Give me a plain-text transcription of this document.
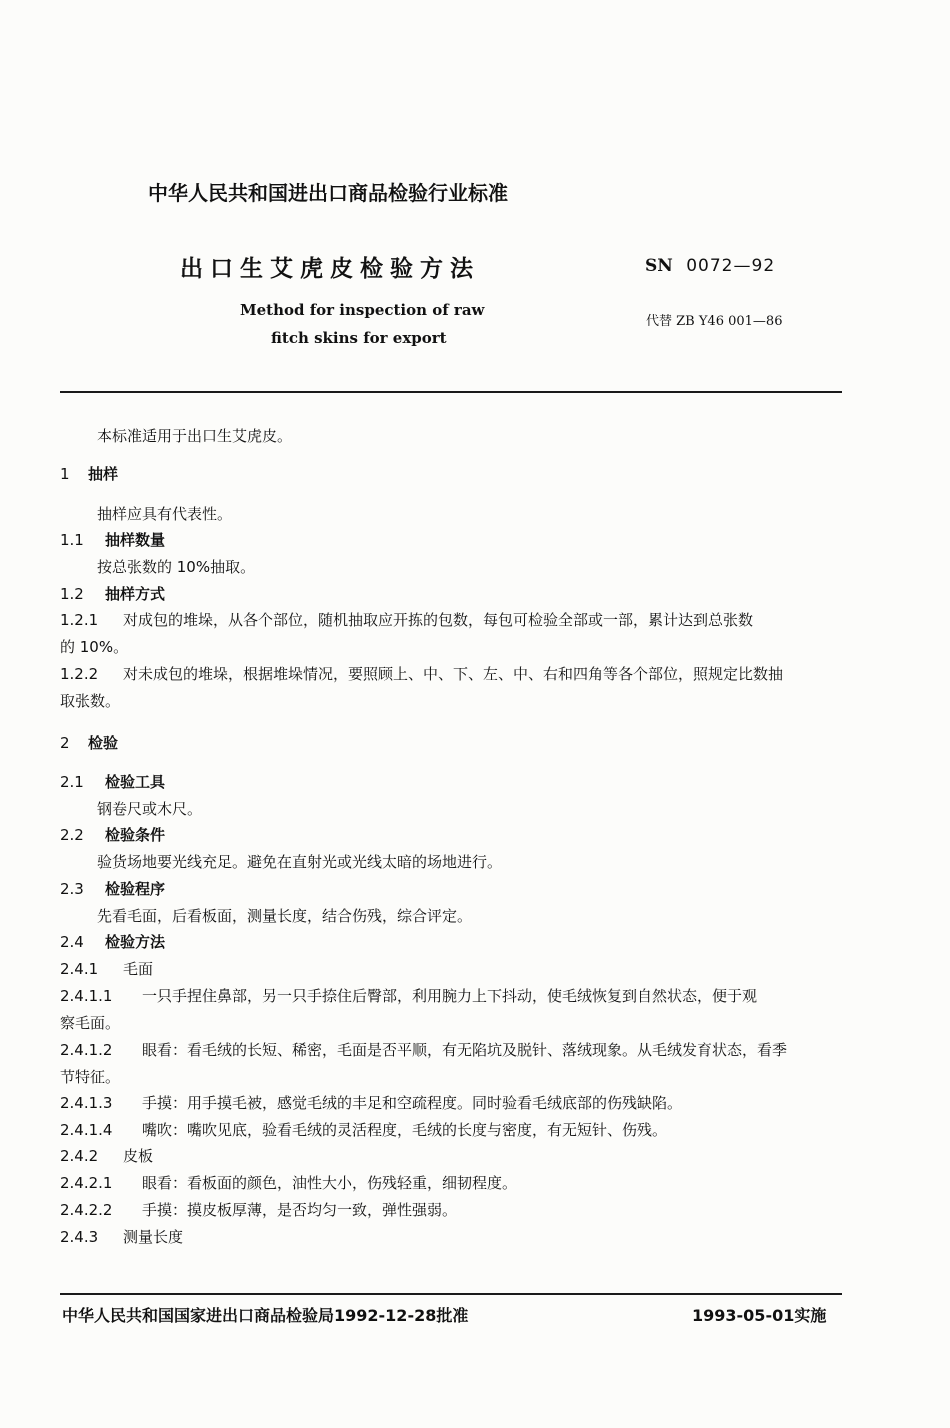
中华人民共和国进出口商品检验行业标准
出口生艾虎皮检验方法	SN 0072—92
Method for inspection of raw
fitch skins for export
代替 ZB Y46 001—86
本标准适用于出口生艾虎皮。
1 抽样
抽样应具有代表性。
1.1 抽样数量
按总张数的 10%抽取。
1.2 抽样方式
1.2.1 对成包的堆垛，从各个部位，随机抽取应开拣的包数，每包可检验全部或一部，累计达到总张数
的 10%。
1.2.2 对未成包的堆垛，根据堆垛情况，要照顾上、中、下、左、中、右和四角等各个部位，照规定比数抽
取张数。
2 检验
2.1 检验工具
钢卷尺或木尺。
2.2 检验条件
验货场地要光线充足。避免在直射光或光线太暗的场地进行。
2.3 检验程序
先看毛面，后看板面，测量长度，结合伤残，综合评定。
2.4 检验方法
2.4.1 毛面
2.4.1.1 一只手捏住鼻部，另一只手捺住后臀部，利用腕力上下抖动，使毛绒恢复到自然状态，便于观
察毛面。
2.4.1.2 眼看：看毛绒的长短、稀密，毛面是否平顺，有无陷坑及脱针、落绒现象。从毛绒发育状态，看季
节特征。
2.4.1.3 手摸：用手摸毛被，感觉毛绒的丰足和空疏程度。同时验看毛绒底部的伤残缺陷。
2.4.1.4 嘴吹：嘴吹见底，验看毛绒的灵活程度，毛绒的长度与密度，有无短针、伤残。
2.4.2 皮板
2.4.2.1 眼看：看板面的颜色，油性大小，伤残轻重，细韧程度。
2.4.2.2 手摸：摸皮板厚薄，是否均匀一致，弹性强弱。
2.4.3 测量长度
中华人民共和国国家进出口商品检验局1992-12-28批准	1993-05-01实施
